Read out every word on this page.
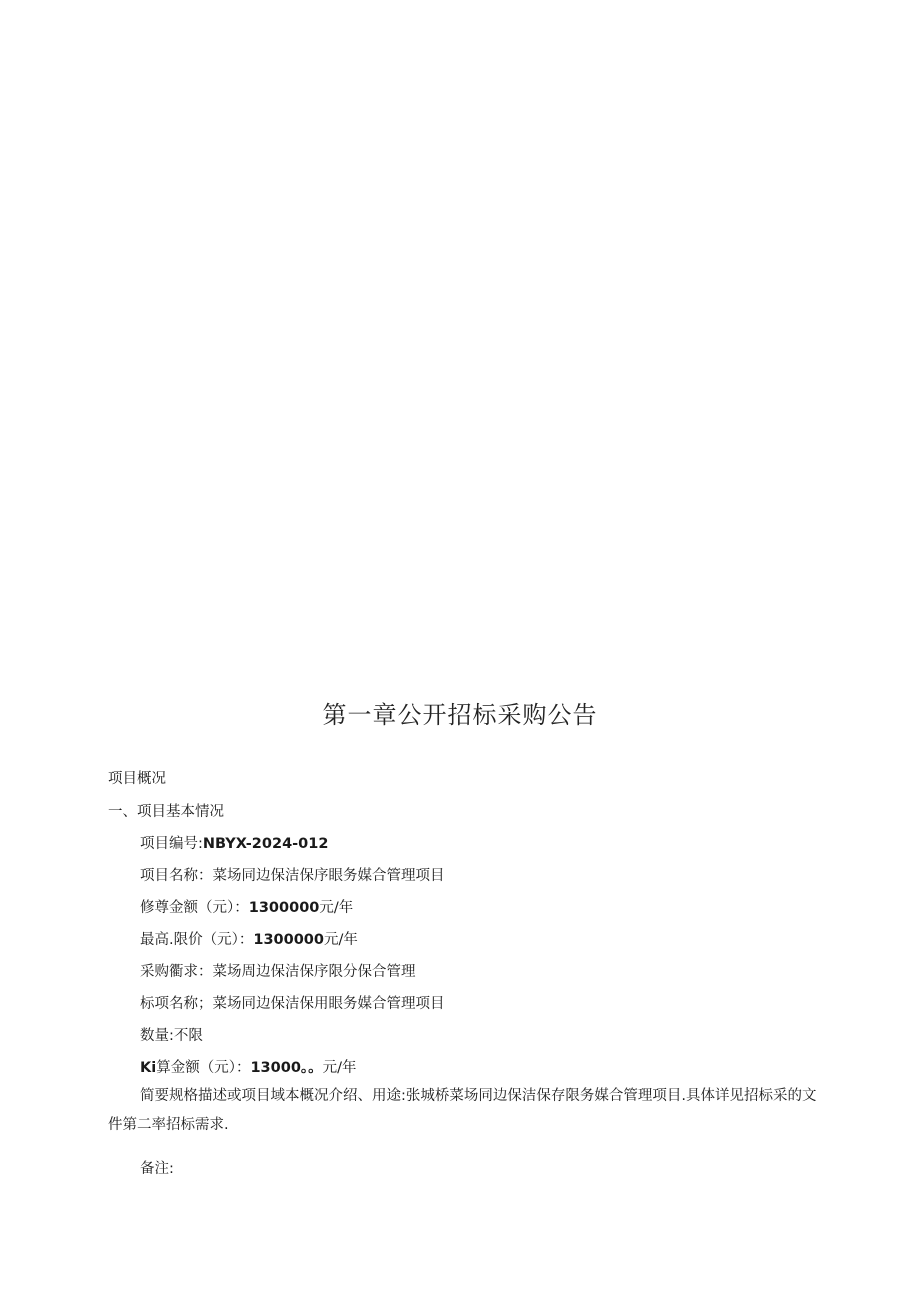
第一章公开招标采购公告
项目概况
一、项目基本情况
项目编号:NBYX-2024-012
项目名称：菜场同边保洁保序眼务媒合管理项目
修尊金额（元）：1300000元/年
最高.限价（元）：1300000元/年
采购衢求：菜场周边保洁保序限分保合管理
标项名称；菜场同边保洁保用眼务媒合管理项目
数量:不限
Ki算金额（元）：13000。。元/年
简要规格描述或项目域本概况介绍、用途:张城桥菜场同边保洁保存限务媒合管理项目.具体详见招标采的文件第二率招标需求.
备注:
